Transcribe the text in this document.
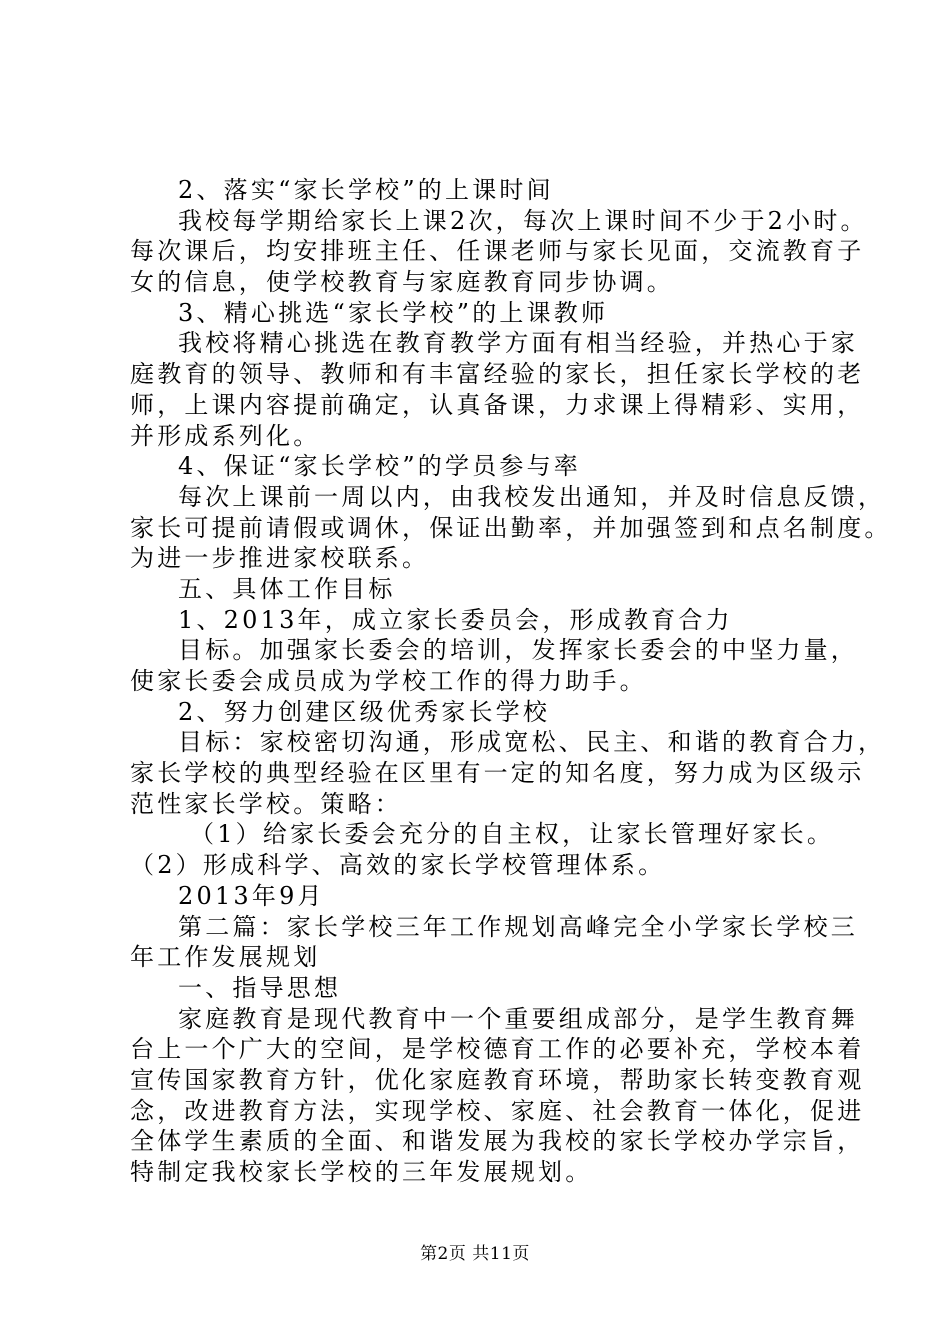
2、落实“家长学校”的上课时间
我校每学期给家长上课2次，每次上课时间不少于2小时。
每次课后，均安排班主任、任课老师与家长见面，交流教育子
女的信息，使学校教育与家庭教育同步协调。
3、精心挑选“家长学校”的上课教师
我校将精心挑选在教育教学方面有相当经验，并热心于家
庭教育的领导、教师和有丰富经验的家长，担任家长学校的老
师，上课内容提前确定，认真备课，力求课上得精彩、实用，
并形成系列化。
4、保证“家长学校”的学员参与率
每次上课前一周以内，由我校发出通知，并及时信息反馈，
家长可提前请假或调休，保证出勤率，并加强签到和点名制度。
为进一步推进家校联系。
五、具体工作目标
1、2013年，成立家长委员会，形成教育合力
目标。加强家长委会的培训，发挥家长委会的中坚力量，
使家长委会成员成为学校工作的得力助手。
2、努力创建区级优秀家长学校
目标：家校密切沟通，形成宽松、民主、和谐的教育合力，
家长学校的典型经验在区里有一定的知名度，努力成为区级示
范性家长学校。策略：
（1）给家长委会充分的自主权，让家长管理好家长。
（2）形成科学、高效的家长学校管理体系。
2013年9月
第二篇：家长学校三年工作规划高峰完全小学家长学校三
年工作发展规划
一、指导思想
家庭教育是现代教育中一个重要组成部分，是学生教育舞
台上一个广大的空间，是学校德育工作的必要补充，学校本着
宣传国家教育方针，优化家庭教育环境，帮助家长转变教育观
念，改进教育方法，实现学校、家庭、社会教育一体化，促进
全体学生素质的全面、和谐发展为我校的家长学校办学宗旨，
特制定我校家长学校的三年发展规划。
第2页 共11页
